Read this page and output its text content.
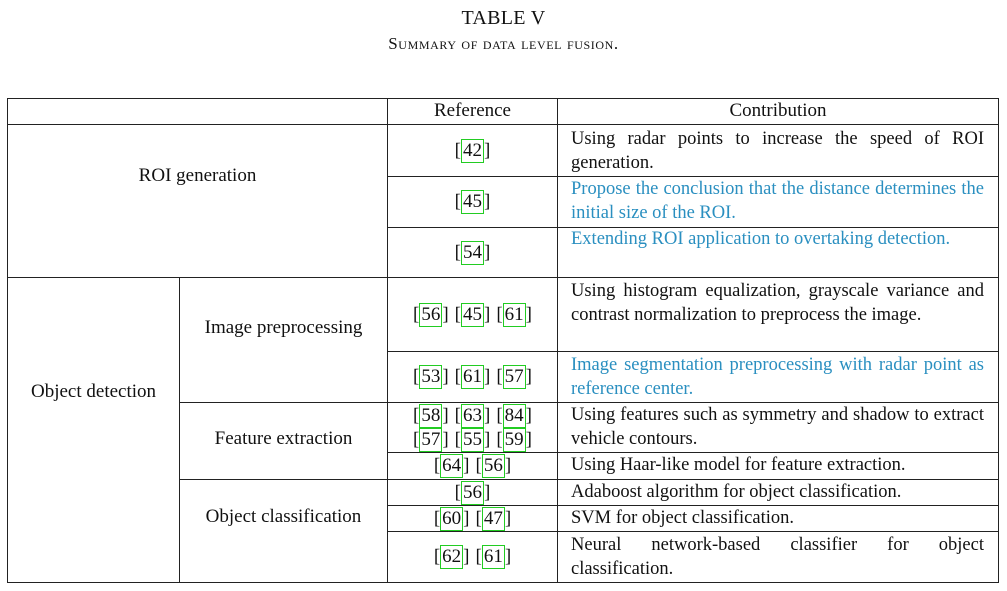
TABLE V
Summary of data level fusion.
Reference	Contribution
ROI generation
Object detection
Image preprocessing
Feature extraction
Object classification
Using radar points to increase the speed of ROI generation.
Propose the conclusion that the distance determines the initial size of the ROI.
Extending ROI application to overtaking detection.
Using histogram equalization, grayscale variance and contrast normalization to preprocess the image.
Image segmentation preprocessing with radar point as reference center.
Using features such as symmetry and shadow to extract vehicle contours.
Using Haar-like model for feature extraction.
Adaboost algorithm for object classification.
SVM for object classification.
Neural network-based classifier for object classification.
[ 42 ]
[ 45 ]
[ 54 ]
[ 56 ] [ 45 ] [ 61 ]
[ 53 ] [ 61 ] [ 57 ]
[ 58 ] [ 63 ] [ 84 ]
[ 57 ] [ 55 ] [ 59 ]
[ 64 ] [ 56 ]
[ 56 ]
[ 60 ] [ 47 ]
[ 62 ] [ 61 ]
